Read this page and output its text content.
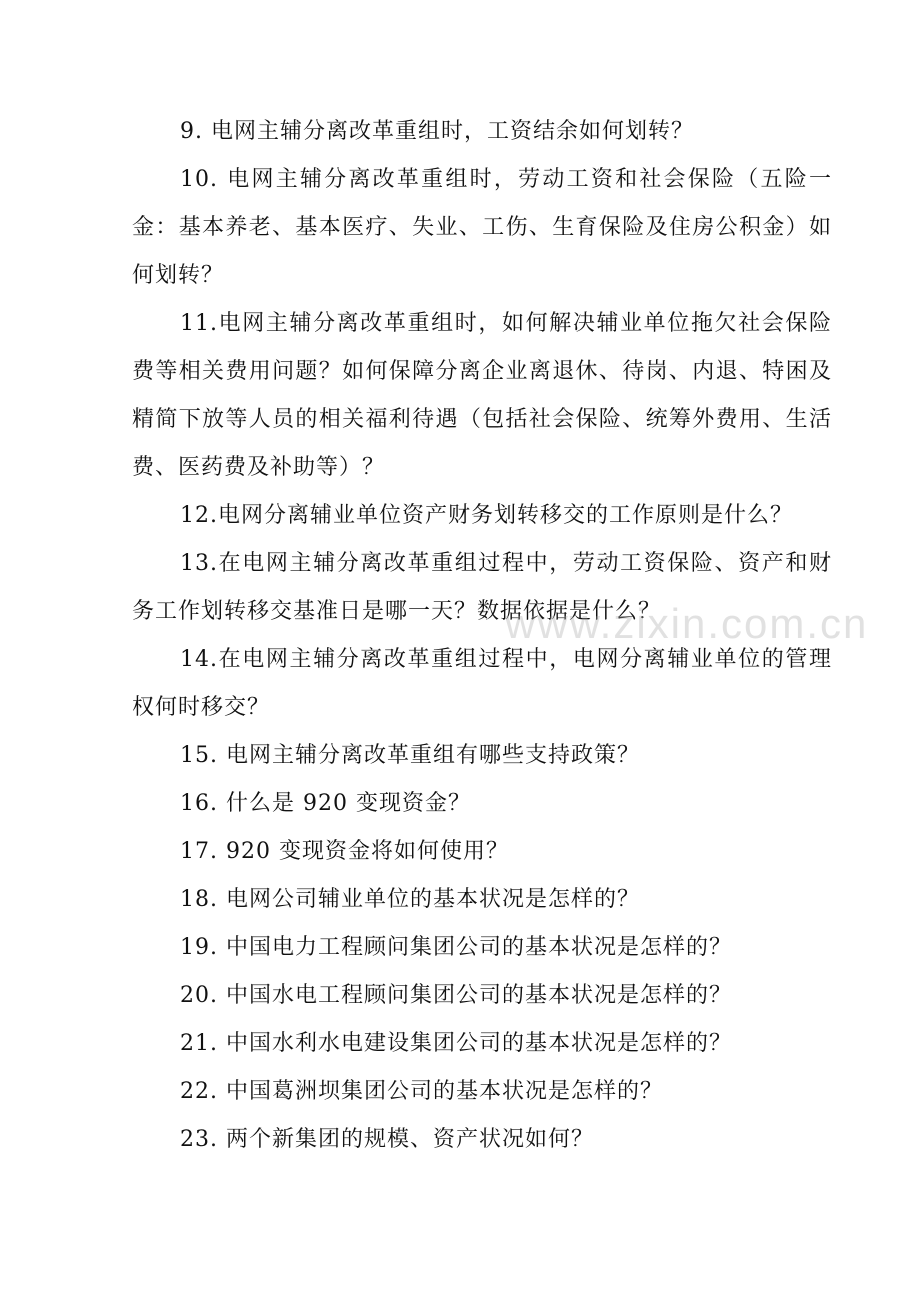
9. 电网主辅分离改革重组时，工资结余如何划转？

10. 电网主辅分离改革重组时，劳动工资和社会保险（五险一金：基本养老、基本医疗、失业、工伤、生育保险及住房公积金）如何划转？

11.电网主辅分离改革重组时，如何解决辅业单位拖欠社会保险费等相关费用问题？如何保障分离企业离退休、待岗、内退、特困及精简下放等人员的相关福利待遇（包括社会保险、统筹外费用、生活费、医药费及补助等）？

12.电网分离辅业单位资产财务划转移交的工作原则是什么？

13.在电网主辅分离改革重组过程中，劳动工资保险、资产和财务工作划转移交基准日是哪一天？数据依据是什么？

14.在电网主辅分离改革重组过程中，电网分离辅业单位的管理权何时移交？

15. 电网主辅分离改革重组有哪些支持政策？

16. 什么是 920 变现资金？

17. 920 变现资金将如何使用？

18. 电网公司辅业单位的基本状况是怎样的？

19. 中国电力工程顾问集团公司的基本状况是怎样的？

20. 中国水电工程顾问集团公司的基本状况是怎样的？

21. 中国水利水电建设集团公司的基本状况是怎样的？

22. 中国葛洲坝集团公司的基本状况是怎样的？

23. 两个新集团的规模、资产状况如何？

www.zixin.com.cn
